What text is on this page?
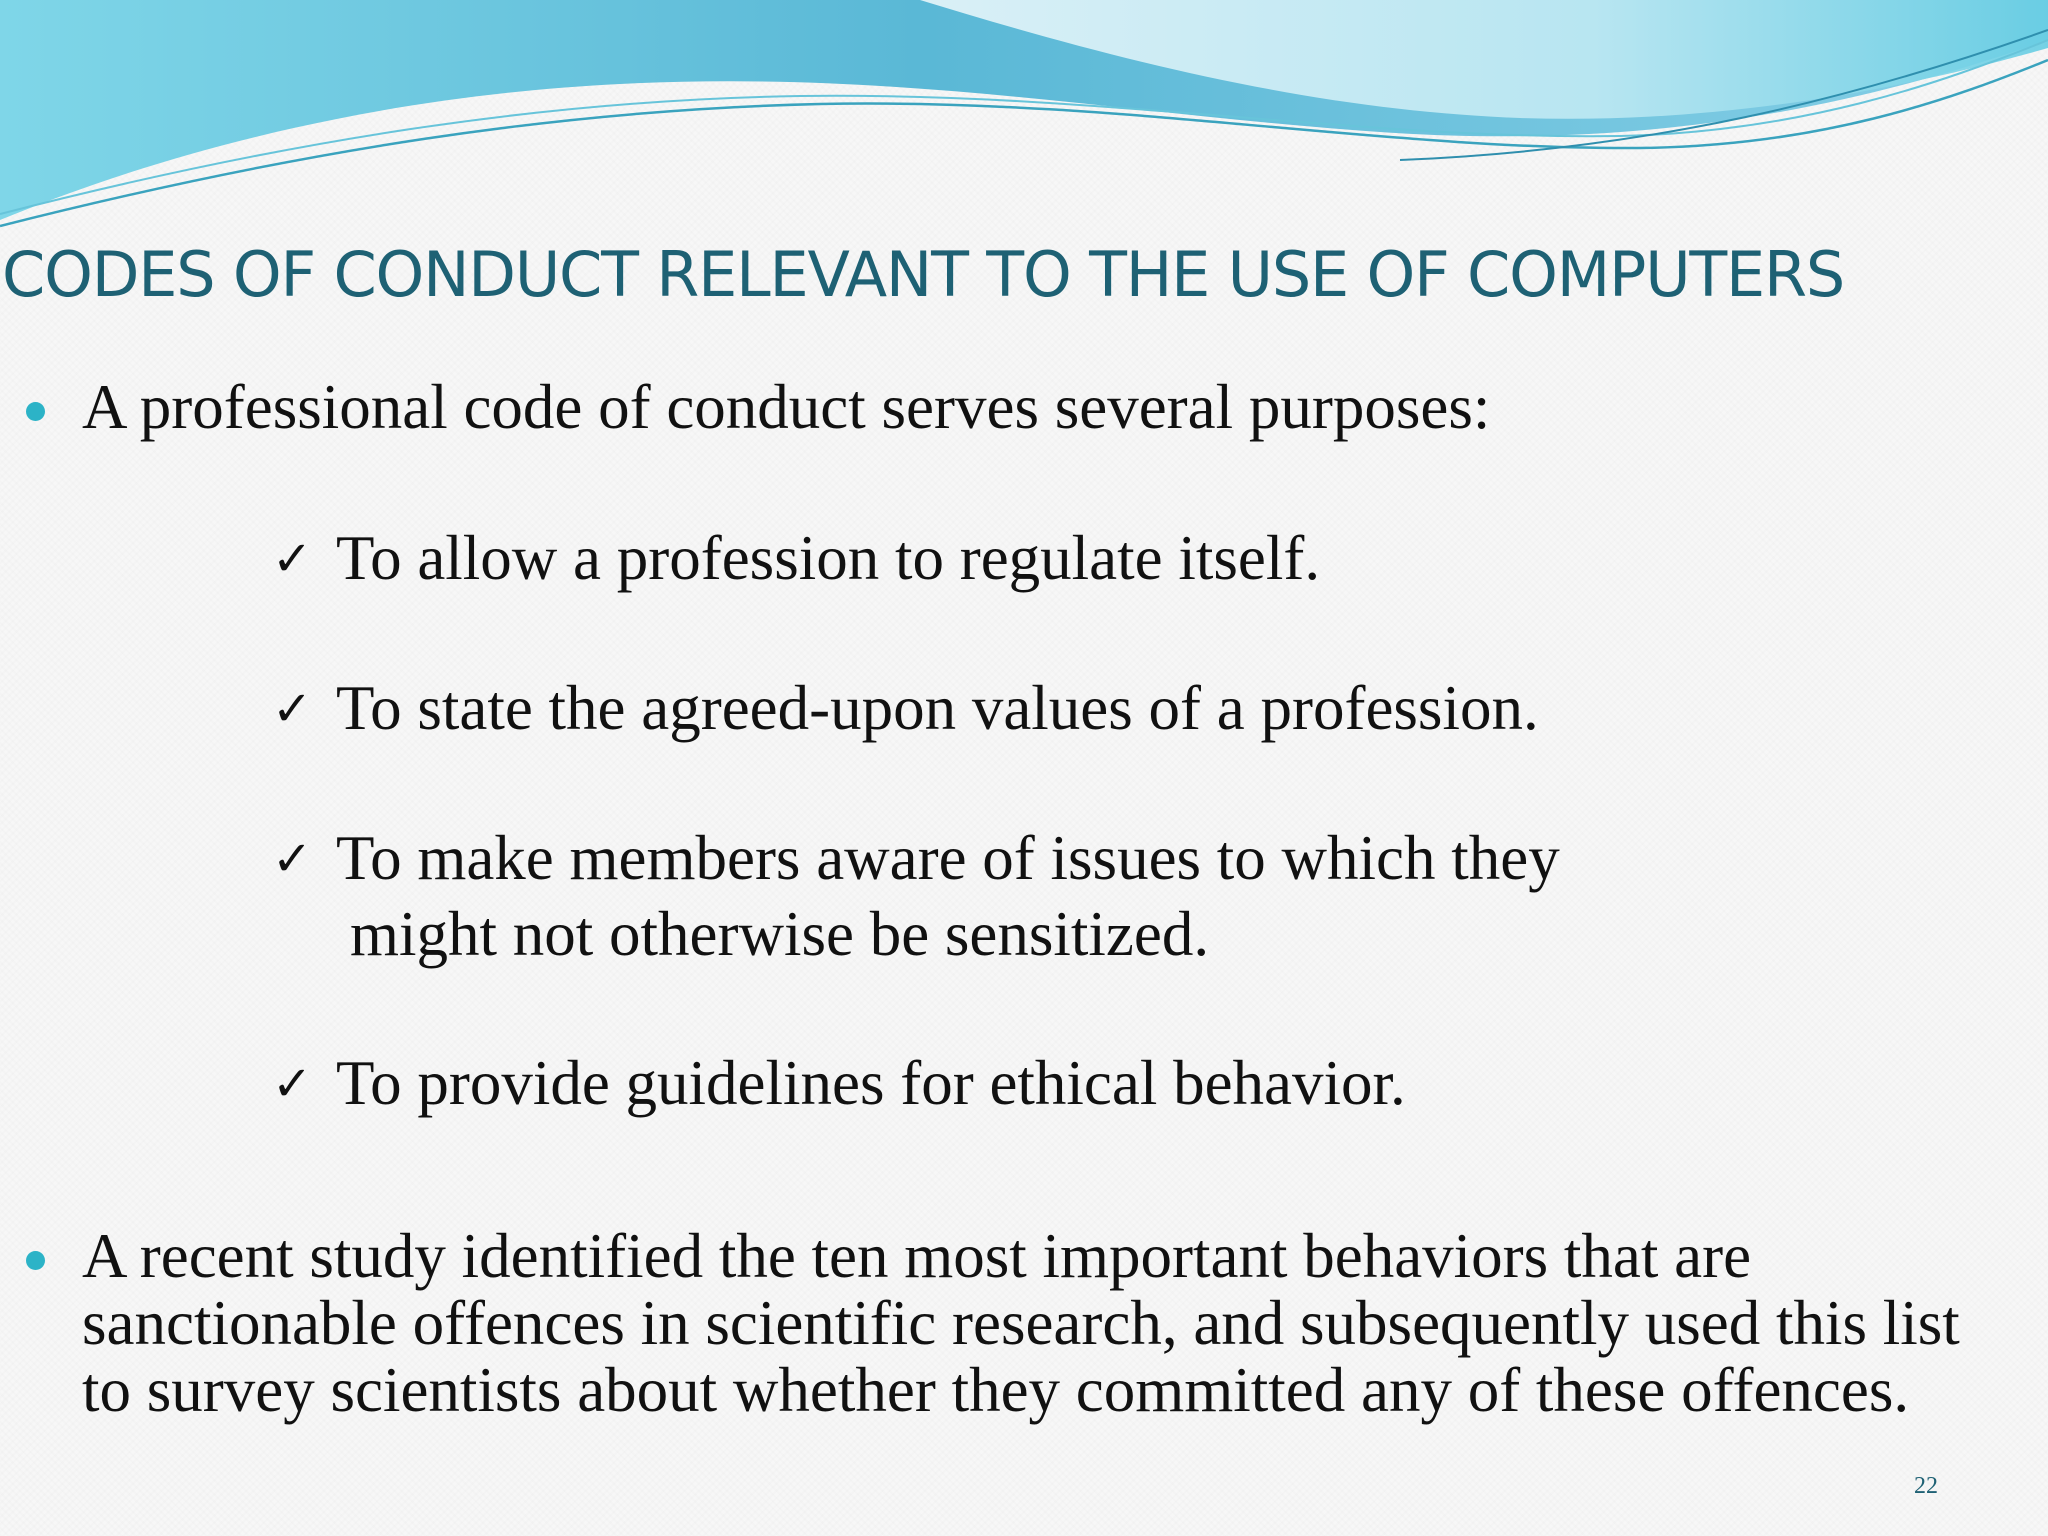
CODES OF CONDUCT RELEVANT TO THE USE OF COMPUTERS
A professional code of conduct serves several purposes:
✓ To allow a profession to regulate itself.
✓ To state the agreed-upon values of a profession.
✓ To make members aware of issues to which they
might not otherwise be sensitized.
✓ To provide guidelines for ethical behavior.
A recent study identified the ten most important behaviors that are sanctionable offences in scientific research, and subsequently used this list to survey scientists about whether they committed any of these offences.
22
